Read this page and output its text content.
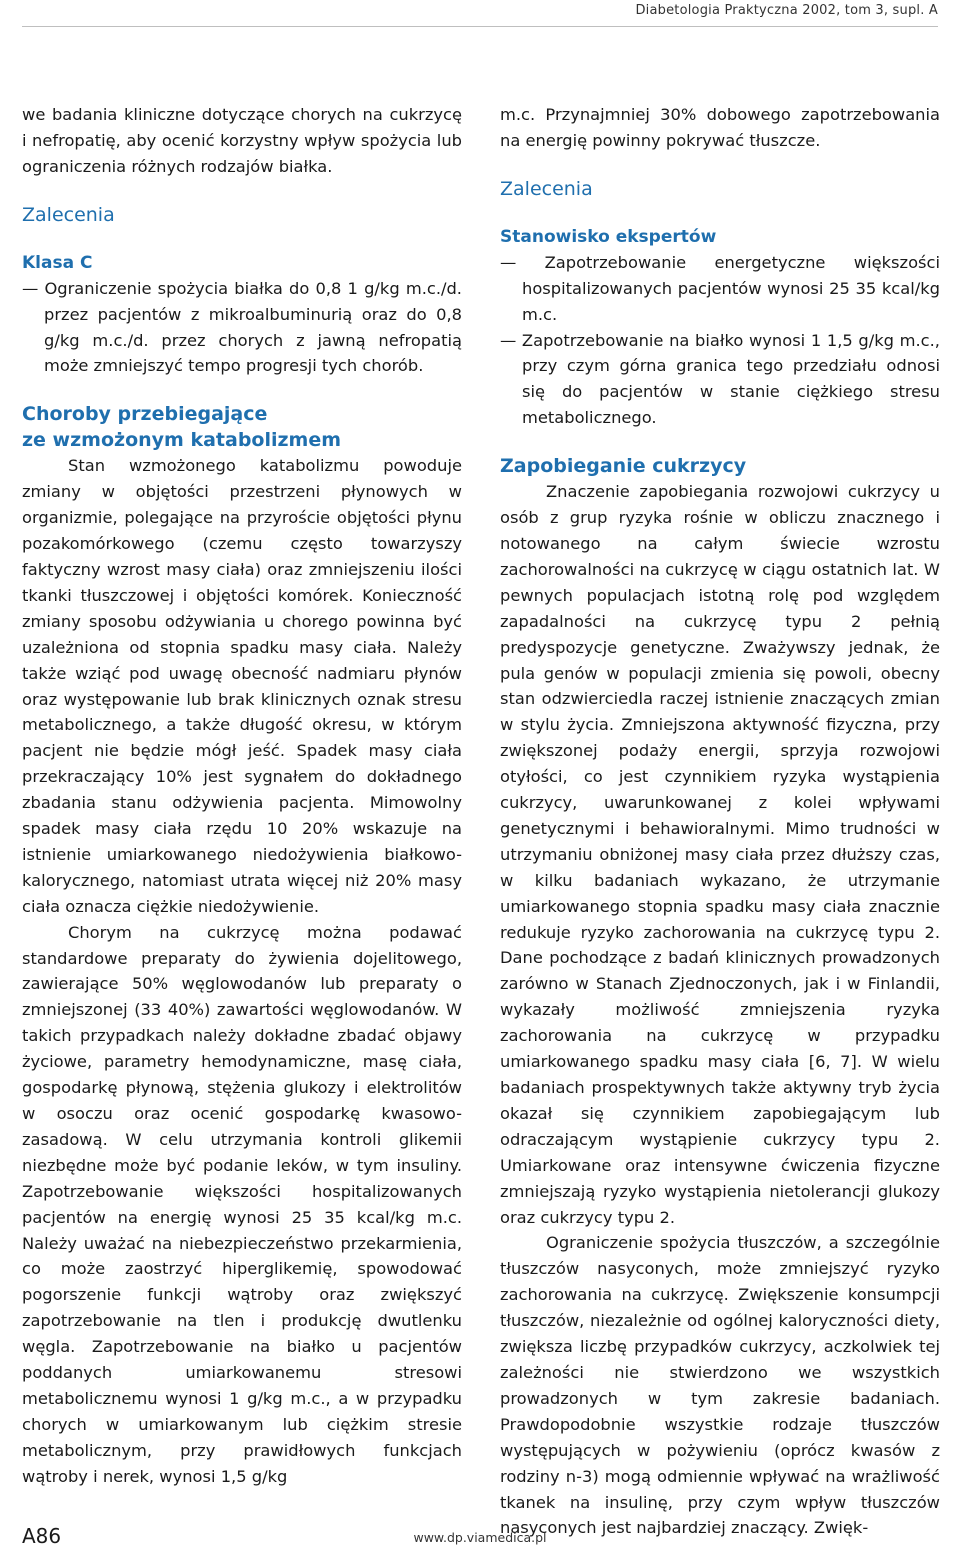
Diabetologia Praktyczna 2002, tom 3, supl. A

we badania kliniczne dotyczące chorych na cukrzycę i nefropatię, aby ocenić korzystny wpływ spożycia lub ograniczenia różnych rodzajów białka.

Zalecenia
Klasa C

— Ograniczenie spożycia białka do 0,8 1 g/kg m.c./d. przez pacjentów z mikroalbuminurią oraz do 0,8 g/kg m.c./d. przez chorych z jawną nefropatią może zmniejszyć tempo progresji tych chorób.

Choroby przebiegające
ze wzmożonym katabolizmem

Stan wzmożonego katabolizmu powoduje zmiany w objętości przestrzeni płynowych w organizmie, polegające na przyroście objętości płynu pozakomórkowego (czemu często towarzyszy faktyczny wzrost masy ciała) oraz zmniejszeniu ilości tkanki tłuszczowej i objętości komórek. Konieczność zmiany sposobu odżywiania u chorego powinna być uzależniona od stopnia spadku masy ciała. Należy także wziąć pod uwagę obecność nadmiaru płynów oraz występowanie lub brak klinicznych oznak stresu metabolicznego, a także długość okresu, w którym pacjent nie będzie mógł jeść. Spadek masy ciała przekraczający 10% jest sygnałem do dokładnego zbadania stanu odżywienia pacjenta. Mimowolny spadek masy ciała rzędu 10 20% wskazuje na istnienie umiarkowanego niedożywienia białkowo-kalorycznego, natomiast utrata więcej niż 20% masy ciała oznacza ciężkie niedożywienie.

Chorym na cukrzycę można podawać standardowe preparaty do żywienia dojelitowego, zawierające 50% węglowodanów lub preparaty o zmniejszonej (33 40%) zawartości węglowodanów. W takich przypadkach należy dokładne zbadać objawy życiowe, parametry hemodynamiczne, masę ciała, gospodarkę płynową, stężenia glukozy i elektrolitów w osoczu oraz ocenić gospodarkę kwasowo-zasadową. W celu utrzymania kontroli glikemii niezbędne może być podanie leków, w tym insuliny. Zapotrzebowanie większości hospitalizowanych pacjentów na energię wynosi 25 35 kcal/kg m.c. Należy uważać na niebezpieczeństwo przekarmienia, co może zaostrzyć hiperglikemię, spowodować pogorszenie funkcji wątroby oraz zwiększyć zapotrzebowanie na tlen i produkcję dwutlenku węgla. Zapotrzebowanie na białko u pacjentów poddanych umiarkowanemu stresowi metabolicznemu wynosi 1 g/kg m.c., a w przypadku chorych w umiarkowanym lub ciężkim stresie metabolicznym, przy prawidłowych funkcjach wątroby i nerek, wynosi 1,5 g/kg

m.c. Przynajmniej 30% dobowego zapotrzebowania na energię powinny pokrywać tłuszcze.

Zalecenia
Stanowisko ekspertów

— Zapotrzebowanie energetyczne większości hospitalizowanych pacjentów wynosi 25 35 kcal/kg m.c.

— Zapotrzebowanie na białko wynosi 1 1,5 g/kg m.c., przy czym górna granica tego przedziału odnosi się do pacjentów w stanie ciężkiego stresu metabolicznego.

Zapobieganie cukrzycy

Znaczenie zapobiegania rozwojowi cukrzycy u osób z grup ryzyka rośnie w obliczu znacznego i notowanego na całym świecie wzrostu zachorowalności na cukrzycę w ciągu ostatnich lat. W pewnych populacjach istotną rolę pod względem zapadalności na cukrzycę typu 2 pełnią predyspozycje genetyczne. Zważywszy jednak, że pula genów w populacji zmienia się powoli, obecny stan odzwierciedla raczej istnienie znaczących zmian w stylu życia. Zmniejszona aktywność fizyczna, przy zwiększonej podaży energii, sprzyja rozwojowi otyłości, co jest czynnikiem ryzyka wystąpienia cukrzycy, uwarunkowanej z kolei wpływami genetycznymi i behawioralnymi. Mimo trudności w utrzymaniu obniżonej masy ciała przez dłuższy czas, w kilku badaniach wykazano, że utrzymanie umiarkowanego stopnia spadku masy ciała znacznie redukuje ryzyko zachorowania na cukrzycę typu 2. Dane pochodzące z badań klinicznych prowadzonych zarówno w Stanach Zjednoczonych, jak i w Finlandii, wykazały możliwość zmniejszenia ryzyka zachorowania na cukrzycę w przypadku umiarkowanego spadku masy ciała [6, 7]. W wielu badaniach prospektywnych także aktywny tryb życia okazał się czynnikiem zapobiegającym lub odraczającym wystąpienie cukrzycy typu 2. Umiarkowane oraz intensywne ćwiczenia fizyczne zmniejszają ryzyko wystąpienia nietolerancji glukozy oraz cukrzycy typu 2.

Ograniczenie spożycia tłuszczów, a szczególnie tłuszczów nasyconych, może zmniejszyć ryzyko zachorowania na cukrzycę. Zwiększenie konsumpcji tłuszczów, niezależnie od ogólnej kaloryczności diety, zwiększa liczbę przypadków cukrzycy, aczkolwiek tej zależności nie stwierdzono we wszystkich prowadzonych w tym zakresie badaniach. Prawdopodobnie wszystkie rodzaje tłuszczów występujących w pożywieniu (oprócz kwasów z rodziny n-3) mogą odmiennie wpływać na wrażliwość tkanek na insulinę, przy czym wpływ tłuszczów nasyconych jest najbardziej znaczący. Zwięk-

A86	www.dp.viamedica.pl
